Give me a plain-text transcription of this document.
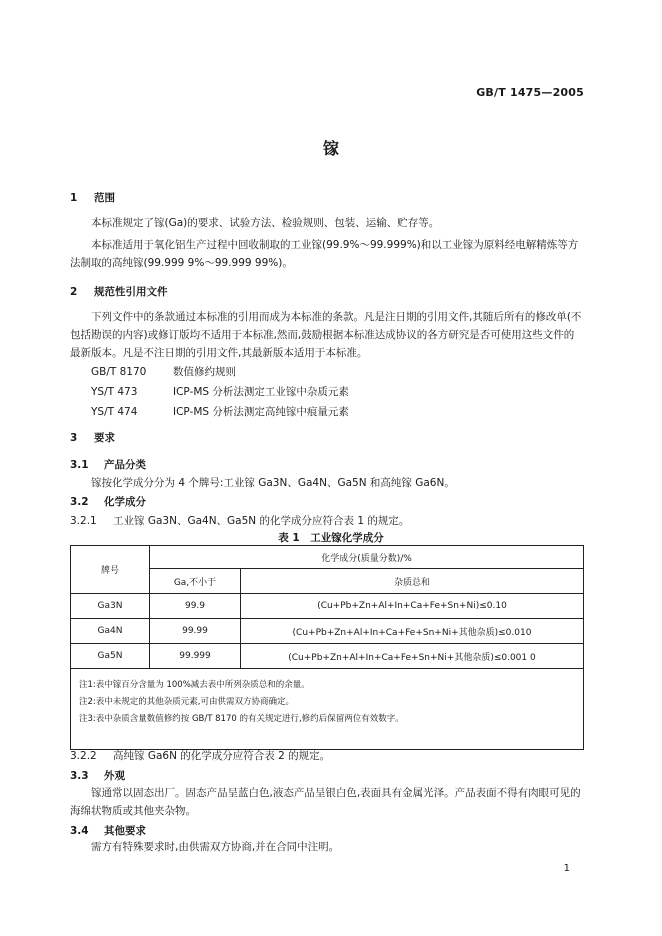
GB/T 1475—2005
镓
1 范围
本标准规定了镓(Ga)的要求、试验方法、检验规则、包装、运输、贮存等。
本标准适用于氧化铝生产过程中回收制取的工业镓(99.9%～99.999%)和以工业镓为原料经电解精炼等方法制取的高纯镓(99.999 9%～99.999 99%)。
2 规范性引用文件
下列文件中的条款通过本标准的引用而成为本标准的条款。凡是注日期的引用文件,其随后所有的修改单(不包括勘误的内容)或修订版均不适用于本标准,然而,鼓励根据本标准达成协议的各方研究是否可使用这些文件的最新版本。凡是不注日期的引用文件,其最新版本适用于本标准。
GB/T 8170	数值修约规则
YS/T 473	ICP-MS 分析法测定工业镓中杂质元素
YS/T 474	ICP-MS 分析法测定高纯镓中痕量元素
3 要求
3.1 产品分类
镓按化学成分分为 4 个牌号:工业镓 Ga3N、Ga4N、Ga5N 和高纯镓 Ga6N。
3.2 化学成分
3.2.1 工业镓 Ga3N、Ga4N、Ga5N 的化学成分应符合表 1 的规定。
表 1　工业镓化学成分
牌号	化学成分(质量分数)/%	
	Ga,不小于	杂质总和
Ga3N	99.9	(Cu+Pb+Zn+Al+In+Ca+Fe+Sn+Ni)≤0.10
Ga4N	99.99	(Cu+Pb+Zn+Al+In+Ca+Fe+Sn+Ni+其他杂质)≤0.010
Ga5N	99.999	(Cu+Pb+Zn+Al+In+Ca+Fe+Sn+Ni+其他杂质)≤0.001 0

注1:表中镓百分含量为 100%减去表中所列杂质总和的余量。
注2:表中未规定的其他杂质元素,可由供需双方协商确定。
注3:表中杂质含量数值修约按 GB/T 8170 的有关规定进行,修约后保留两位有效数字。		
3.2.2 高纯镓 Ga6N 的化学成分应符合表 2 的规定。
3.3 外观
镓通常以固态出厂。固态产品呈蓝白色,液态产品呈银白色,表面具有金属光泽。产品表面不得有肉眼可见的海绵状物质或其他夹杂物。
3.4 其他要求
需方有特殊要求时,由供需双方协商,并在合同中注明。
1
